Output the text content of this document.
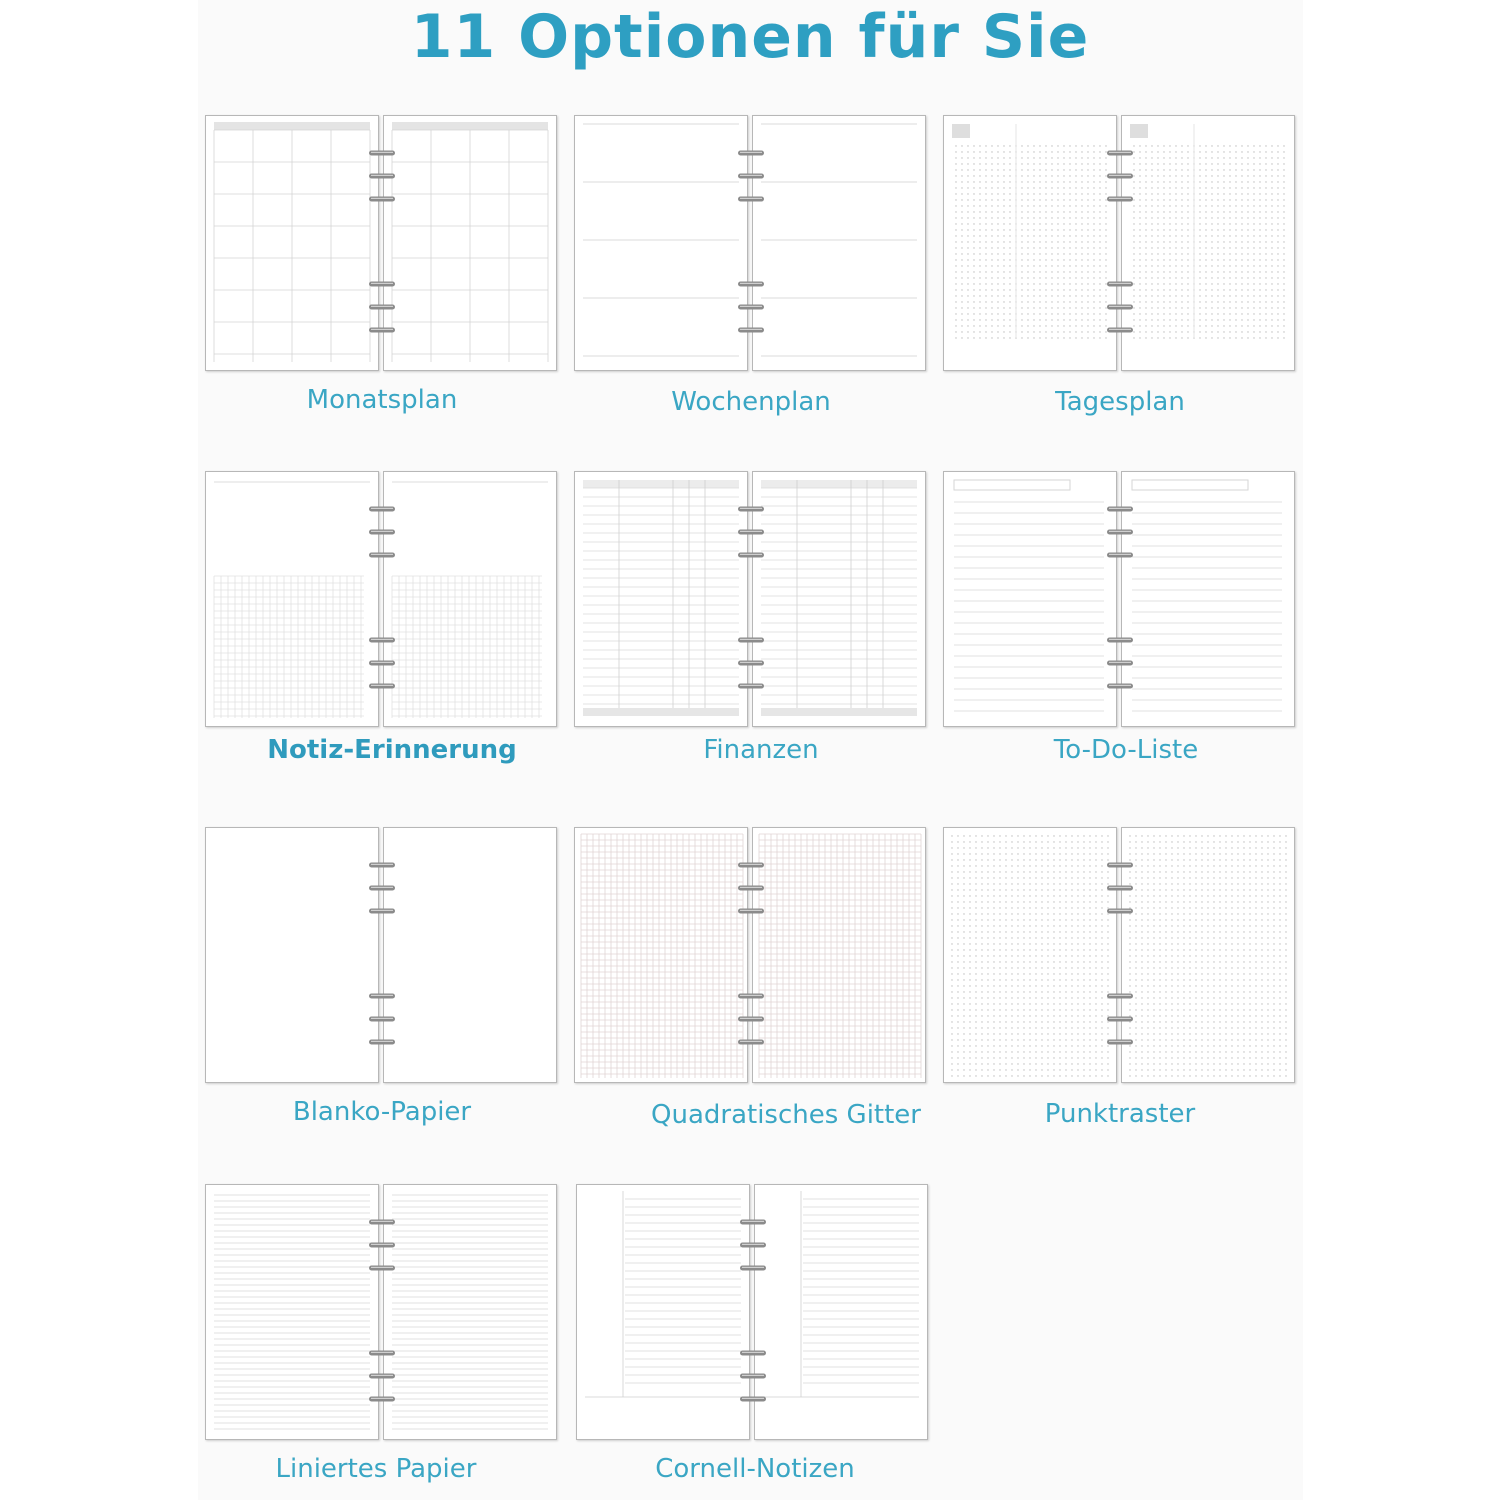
11 Optionen für Sie
Monatsplan	Wochenplan	Tagesplan
Notiz-Erinnerung	Finanzen	To-Do-Liste
Blanko-Papier	Quadratisches Gitter	Punktraster
Liniertes Papier	Cornell-Notizen
